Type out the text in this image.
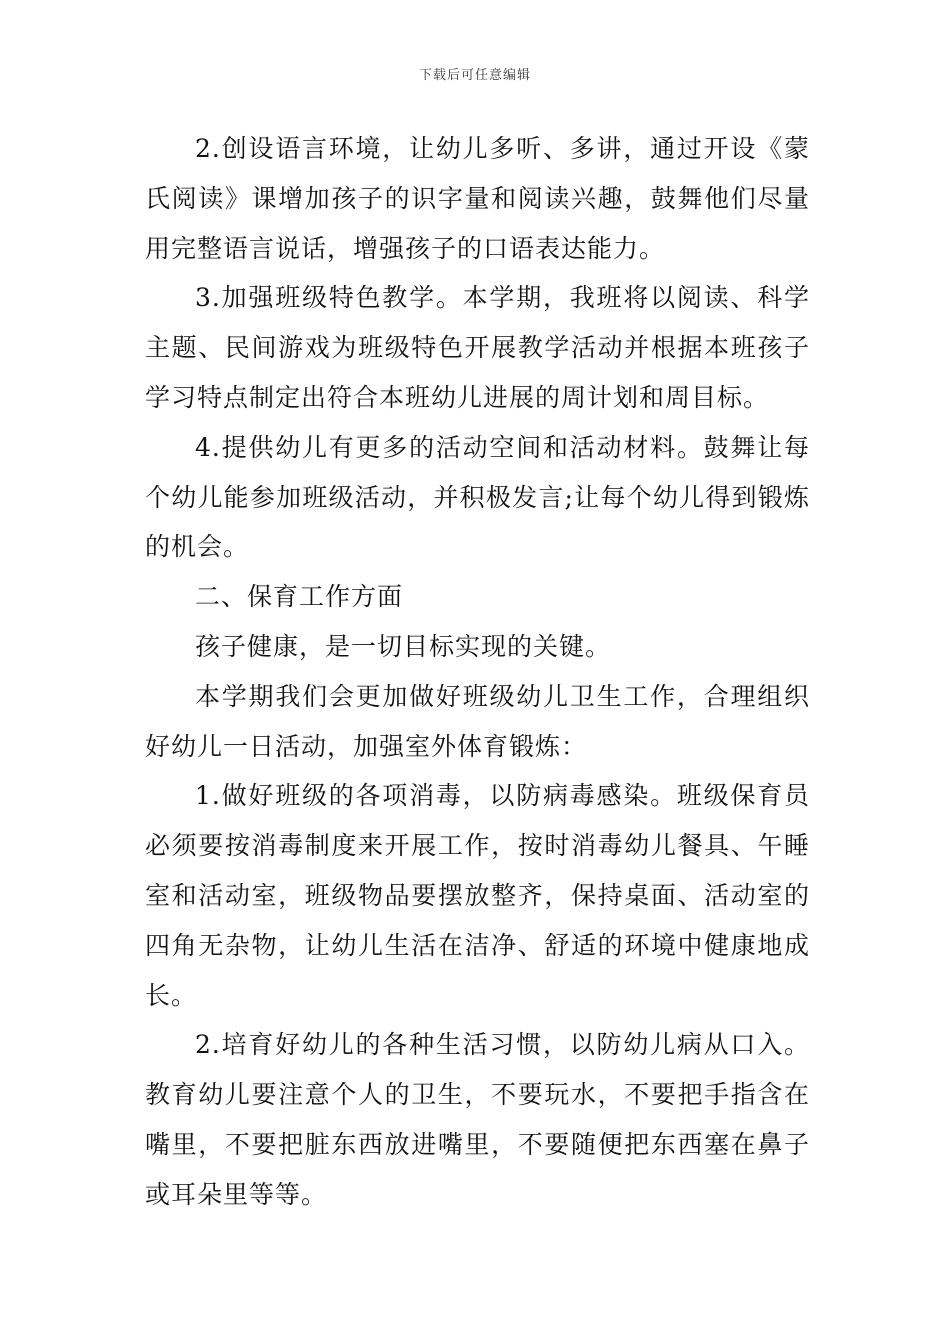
下载后可任意编辑

2.创设语言环境，让幼儿多听、多讲，通过开设《蒙氏阅读》课增加孩子的识字量和阅读兴趣，鼓舞他们尽量用完整语言说话，增强孩子的口语表达能力。

3.加强班级特色教学。本学期，我班将以阅读、科学主题、民间游戏为班级特色开展教学活动并根据本班孩子学习特点制定出符合本班幼儿进展的周计划和周目标。

4.提供幼儿有更多的活动空间和活动材料。鼓舞让每个幼儿能参加班级活动，并积极发言;让每个幼儿得到锻炼的机会。

二、保育工作方面

孩子健康，是一切目标实现的关键。

本学期我们会更加做好班级幼儿卫生工作，合理组织好幼儿一日活动，加强室外体育锻炼：

1.做好班级的各项消毒，以防病毒感染。班级保育员必须要按消毒制度来开展工作，按时消毒幼儿餐具、午睡室和活动室，班级物品要摆放整齐，保持桌面、活动室的四角无杂物，让幼儿生活在洁净、舒适的环境中健康地成长。

2.培育好幼儿的各种生活习惯，以防幼儿病从口入。教育幼儿要注意个人的卫生，不要玩水，不要把手指含在嘴里，不要把脏东西放进嘴里，不要随便把东西塞在鼻子或耳朵里等等。
